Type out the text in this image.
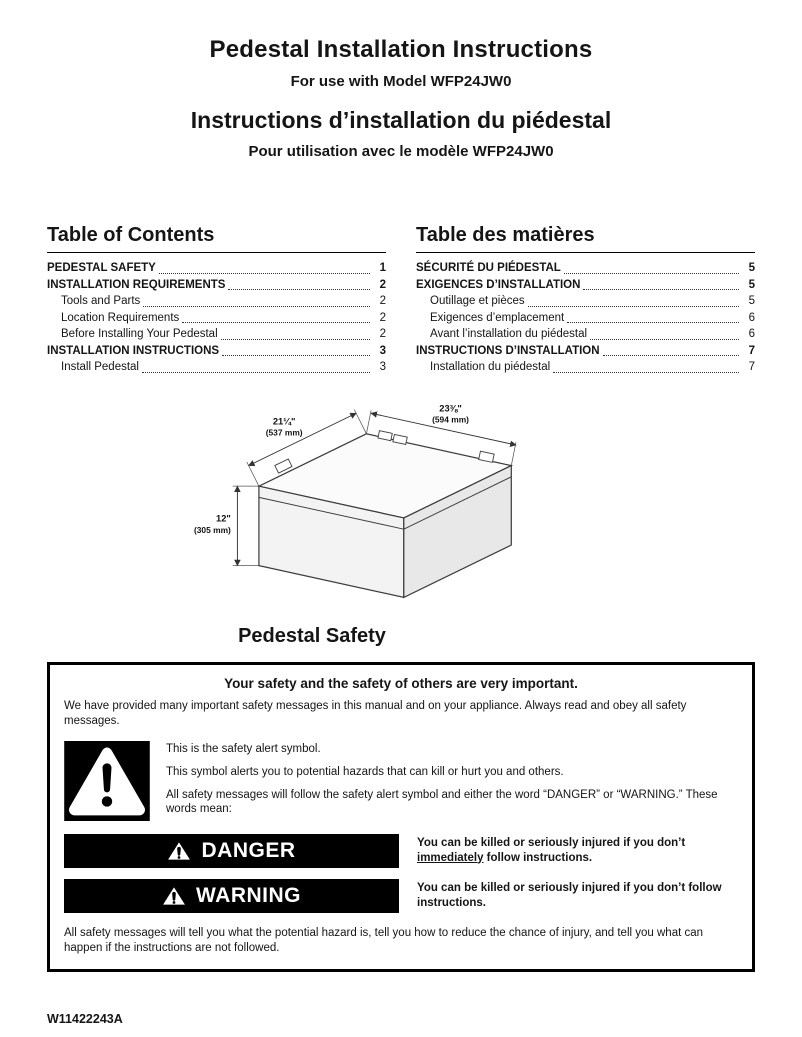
Pedestal Installation Instructions

For use with Model WFP24JW0

Instructions d’installation du piédestal

Pour utilisation avec le modèle WFP24JW0

Table of Contents
PEDESTAL SAFETY	1
INSTALLATION REQUIREMENTS	2
Tools and Parts	2
Location Requirements	2
Before Installing Your Pedestal	2
INSTALLATION INSTRUCTIONS	3
Install Pedestal	3
Table des matières
SÉCURITÉ DU PIÉDESTAL	5
EXIGENCES D’INSTALLATION	5
Outillage et pièces	5
Exigences d’emplacement	6
Avant l’installation du piédestal	6
INSTRUCTIONS D’INSTALLATION	7
Installation du piédestal	7
21¼"
(537 mm)
23⅜"
(594 mm)
12"
(305 mm)
Pedestal Safety

Your safety and the safety of others are very important.

We have provided many important safety messages in this manual and on your appliance. Always read and obey all safety messages.

This is the safety alert symbol.

This symbol alerts you to potential hazards that can kill or hurt you and others.

All safety messages will follow the safety alert symbol and either the word “DANGER” or “WARNING.” These words mean:

DANGER	You can be killed or seriously injured if you don’t immediately follow instructions.

WARNING	You can be killed or seriously injured if you don’t follow instructions.

All safety messages will tell you what the potential hazard is, tell you how to reduce the chance of injury, and tell you what can happen if the instructions are not followed.

W11422243A
